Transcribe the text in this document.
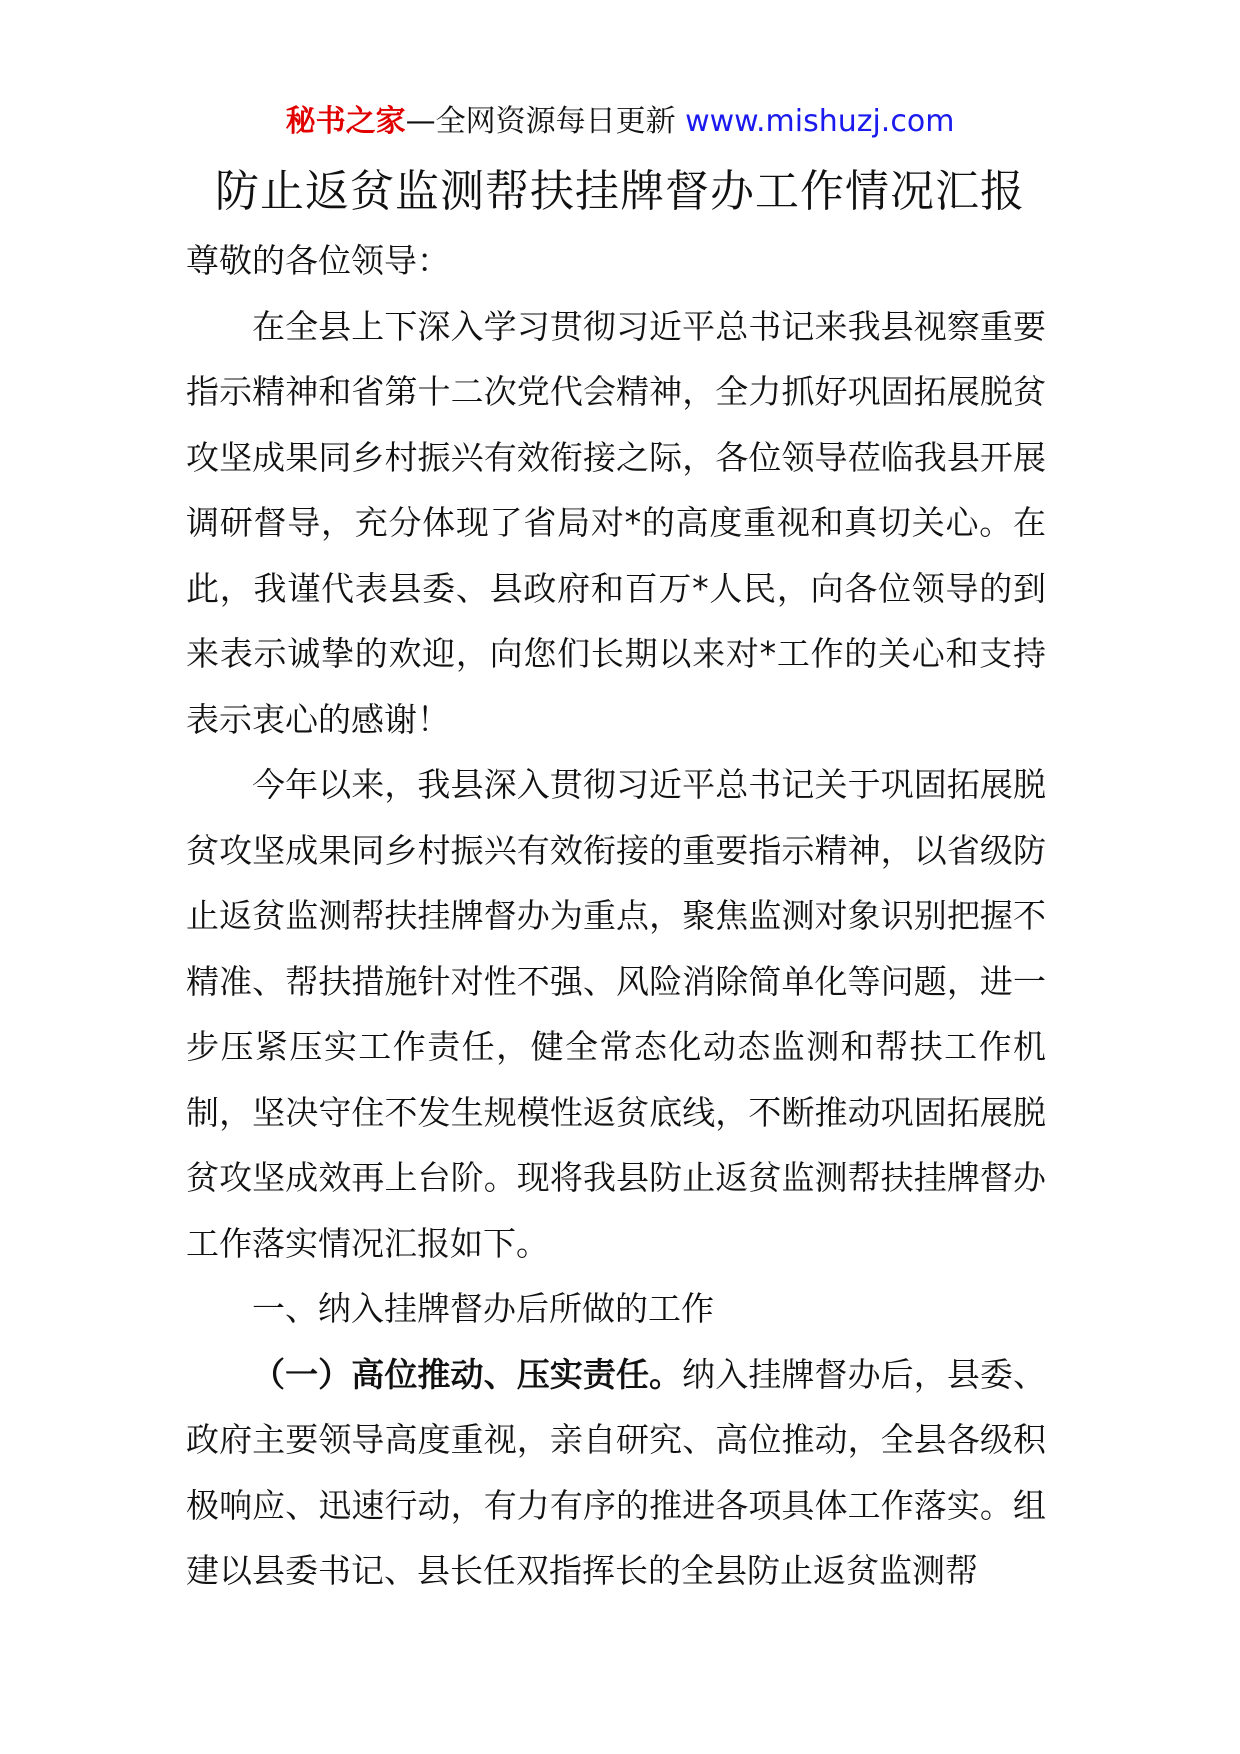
秘书之家—全网资源每日更新 www.mishuzj.com
防止返贫监测帮扶挂牌督办工作情况汇报

尊敬的各位领导：

在全县上下深入学习贯彻习近平总书记来我县视察重要指示精神和省第十二次党代会精神，全力抓好巩固拓展脱贫攻坚成果同乡村振兴有效衔接之际，各位领导莅临我县开展调研督导，充分体现了省局对*的高度重视和真切关心。在此，我谨代表县委、县政府和百万*人民，向各位领导的到来表示诚挚的欢迎，向您们长期以来对*工作的关心和支持表示衷心的感谢！

今年以来，我县深入贯彻习近平总书记关于巩固拓展脱贫攻坚成果同乡村振兴有效衔接的重要指示精神，以省级防止返贫监测帮扶挂牌督办为重点，聚焦监测对象识别把握不精准、帮扶措施针对性不强、风险消除简单化等问题，进一步压紧压实工作责任，健全常态化动态监测和帮扶工作机制，坚决守住不发生规模性返贫底线，不断推动巩固拓展脱贫攻坚成效再上台阶。现将我县防止返贫监测帮扶挂牌督办工作落实情况汇报如下。

一、纳入挂牌督办后所做的工作

（一）高位推动、压实责任。纳入挂牌督办后，县委、政府主要领导高度重视，亲自研究、高位推动，全县各级积极响应、迅速行动，有力有序的推进各项具体工作落实。组建以县委书记、县长任双指挥长的全县防止返贫监测帮
